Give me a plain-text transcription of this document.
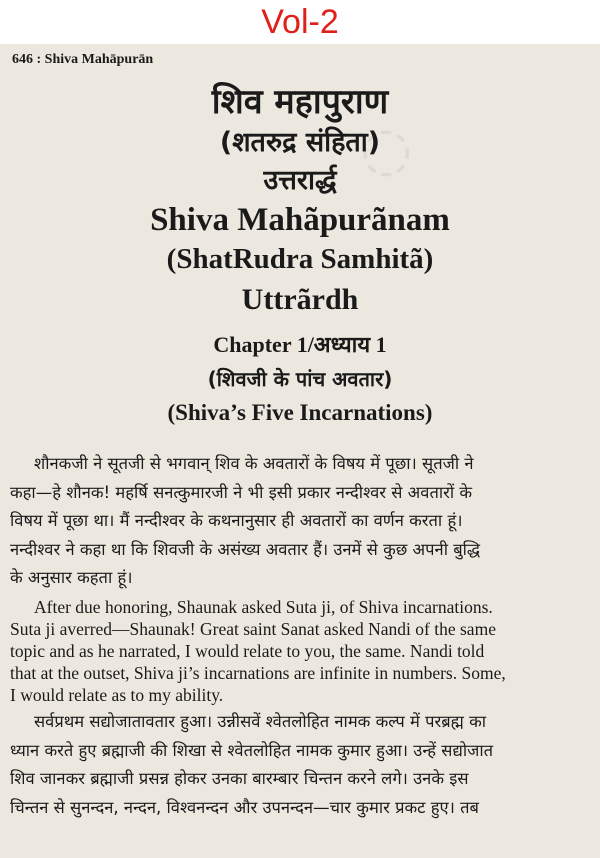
Vol-2
◌
646 : Shiva Mahāpurān
शिव महापुराण
(शतरुद्र संहिता)
उत्तरार्द्ध
Shiva Mahãpurãnam
(ShatRudra Samhitã)
Uttrãrdh
Chapter 1/अध्याय 1
(शिवजी के पांच अवतार)
(Shiva’s Five Incarnations)
शौनकजी ने सूतजी से भगवान् शिव के अवतारों के विषय में पूछा। सूतजी ने
कहा—हे शौनक! महर्षि सनत्कुमारजी ने भी इसी प्रकार नन्दीश्वर से अवतारों के
विषय में पूछा था। मैं नन्दीश्वर के कथनानुसार ही अवतारों का वर्णन करता हूं।
नन्दीश्वर ने कहा था कि शिवजी के असंख्य अवतार हैं। उनमें से कुछ अपनी बुद्धि
के अनुसार कहता हूं।
After due honoring, Shaunak asked Suta ji, of Shiva incarnations.
Suta ji averred—Shaunak! Great saint Sanat asked Nandi of the same
topic and as he narrated, I would relate to you, the same. Nandi told
that at the outset, Shiva ji’s incarnations are infinite in numbers. Some,
I would relate as to my ability.
सर्वप्रथम सद्योजातावतार हुआ। उन्नीसवें श्वेतलोहित नामक कल्प में परब्रह्म का
ध्यान करते हुए ब्रह्माजी की शिखा से श्वेतलोहित नामक कुमार हुआ। उन्हें सद्योजात
शिव जानकर ब्रह्माजी प्रसन्न होकर उनका बारम्बार चिन्तन करने लगे। उनके इस
चिन्तन से सुनन्दन, नन्दन, विश्वनन्दन और उपनन्दन—चार कुमार प्रकट हुए। तब
